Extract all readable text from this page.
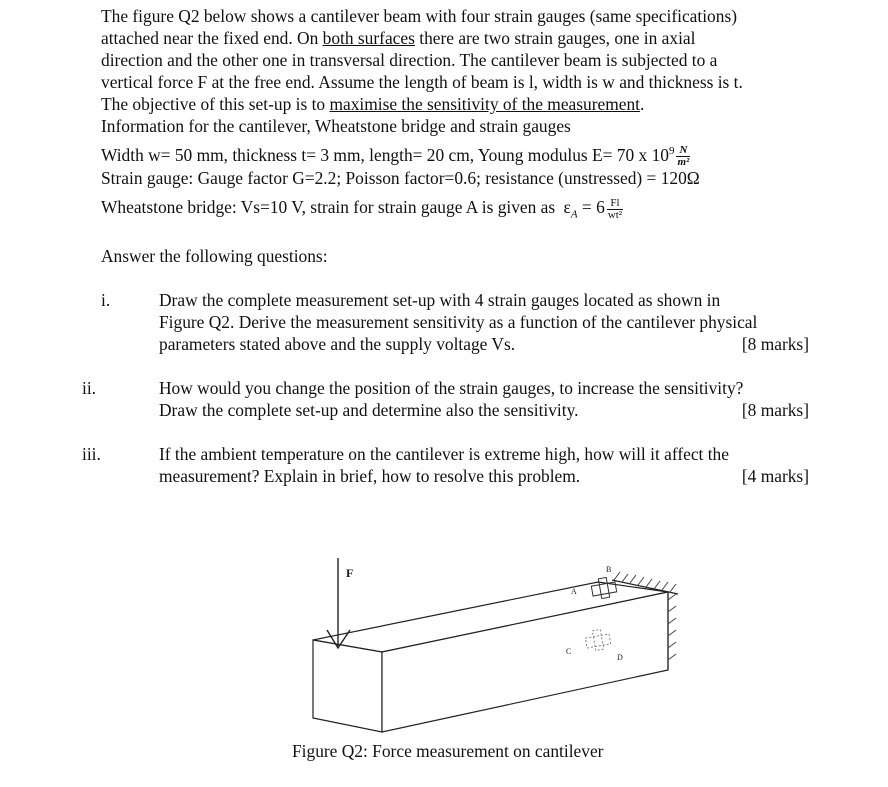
The figure Q2 below shows a cantilever beam with four strain gauges (same specifications)
attached near the fixed end. On both surfaces there are two strain gauges, one in axial
direction and the other one in transversal direction. The cantilever beam is subjected to a
vertical force F at the free end. Assume the length of beam is l, width is w and thickness is t.
The objective of this set-up is to maximise the sensitivity of the measurement.
Information for the cantilever, Wheatstone bridge and strain gauges
Width w= 50 mm, thickness t= 3 mm, length= 20 cm, Young modulus E= 70 x $10^9 \frac{N}{\text{m²}}$
Strain gauge: Gauge factor G=2.2; Poisson factor=0.6; resistance (unstressed) = 120Ω
Wheatstone bridge: Vs=10 V, strain for strain gauge A is given as $\varepsilon_A = 6 \frac{Fl}{\text{wt²}}$
Answer the following questions:
i.	Draw the complete measurement set-up with 4 strain gauges located as shown in
Figure Q2. Derive the measurement sensitivity as a function of the cantilever physical
parameters stated above and the supply voltage Vs.	[8 marks]
ii.	How would you change the position of the strain gauges, to increase the sensitivity?
Draw the complete set-up and determine also the sensitivity.	[8 marks]
iii.	If the ambient temperature on the cantilever is extreme high, how will it affect the
measurement? Explain in brief, how to resolve this problem.	[4 marks]
F
A
B
C
D
Figure Q2: Force measurement on cantilever
